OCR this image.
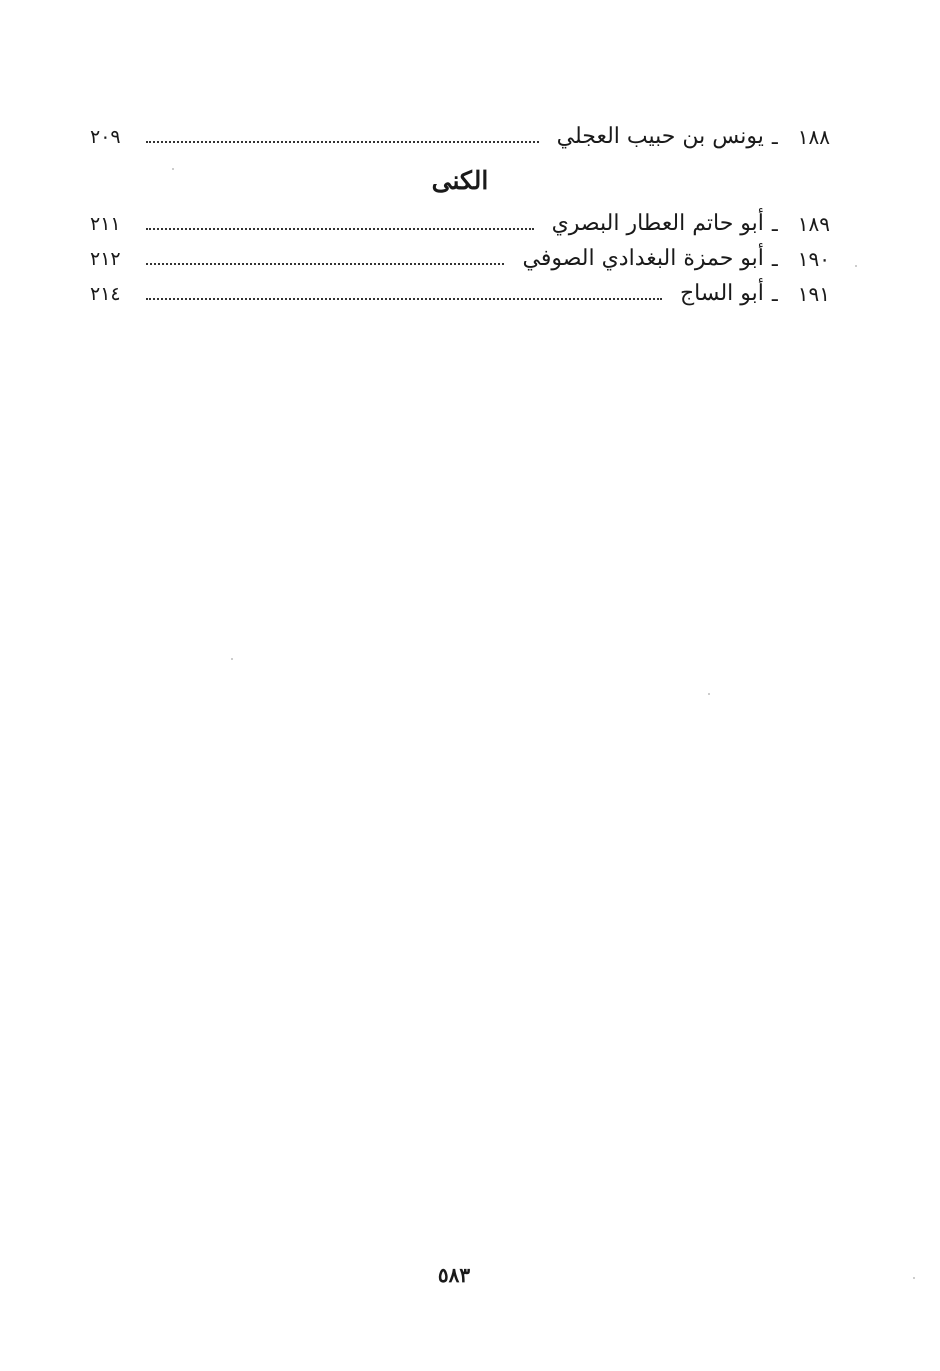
١٨٨
ـ
يونس بن حبيب العجلي
٢٠٩
الكنى
١٨٩
ـ
أبو حاتم العطار البصري
٢١١
١٩٠
ـ
أبو حمزة البغدادي الصوفي
٢١٢
١٩١
ـ
أبو الساج
٢١٤
٥٨٣
